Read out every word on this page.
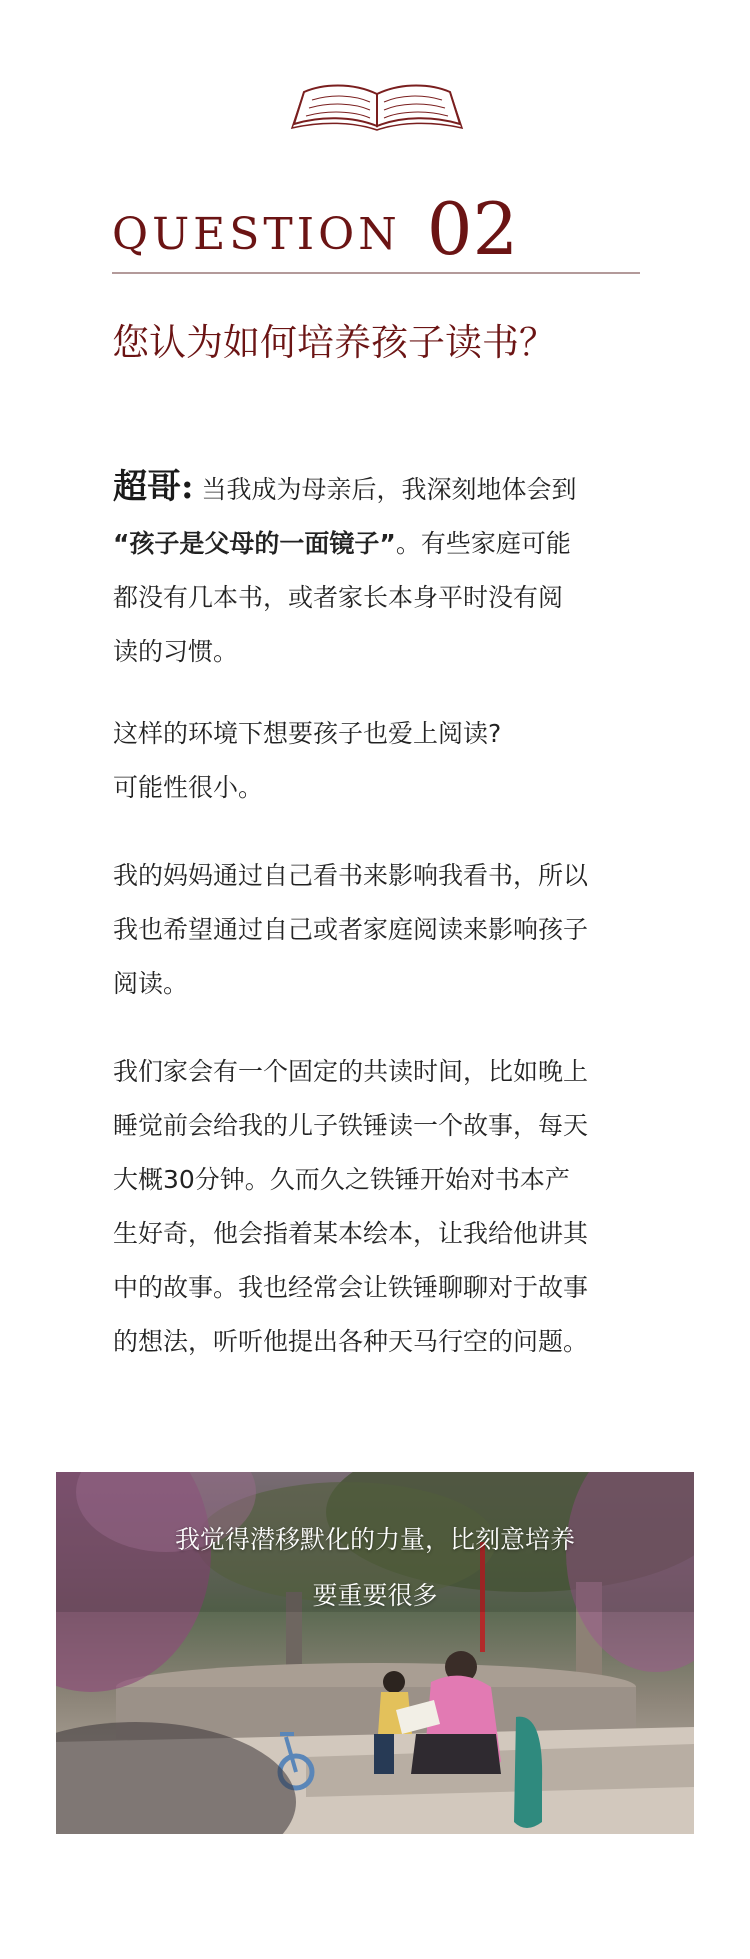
QUESTION 02
您认为如何培养孩子读书？

超哥: 当我成为母亲后，我深刻地体会到
“孩子是父母的一面镜子”。有些家庭可能
都没有几本书，或者家长本身平时没有阅
读的习惯。

这样的环境下想要孩子也爱上阅读?
可能性很小。

我的妈妈通过自己看书来影响我看书，所以
我也希望通过自己或者家庭阅读来影响孩子
阅读。

我们家会有一个固定的共读时间，比如晚上
睡觉前会给我的儿子铁锤读一个故事，每天
大概30分钟。久而久之铁锤开始对书本产
生好奇，他会指着某本绘本，让我给他讲其
中的故事。我也经常会让铁锤聊聊对于故事
的想法，听听他提出各种天马行空的问题。

我觉得潜移默化的力量，比刻意培养
要重要很多
